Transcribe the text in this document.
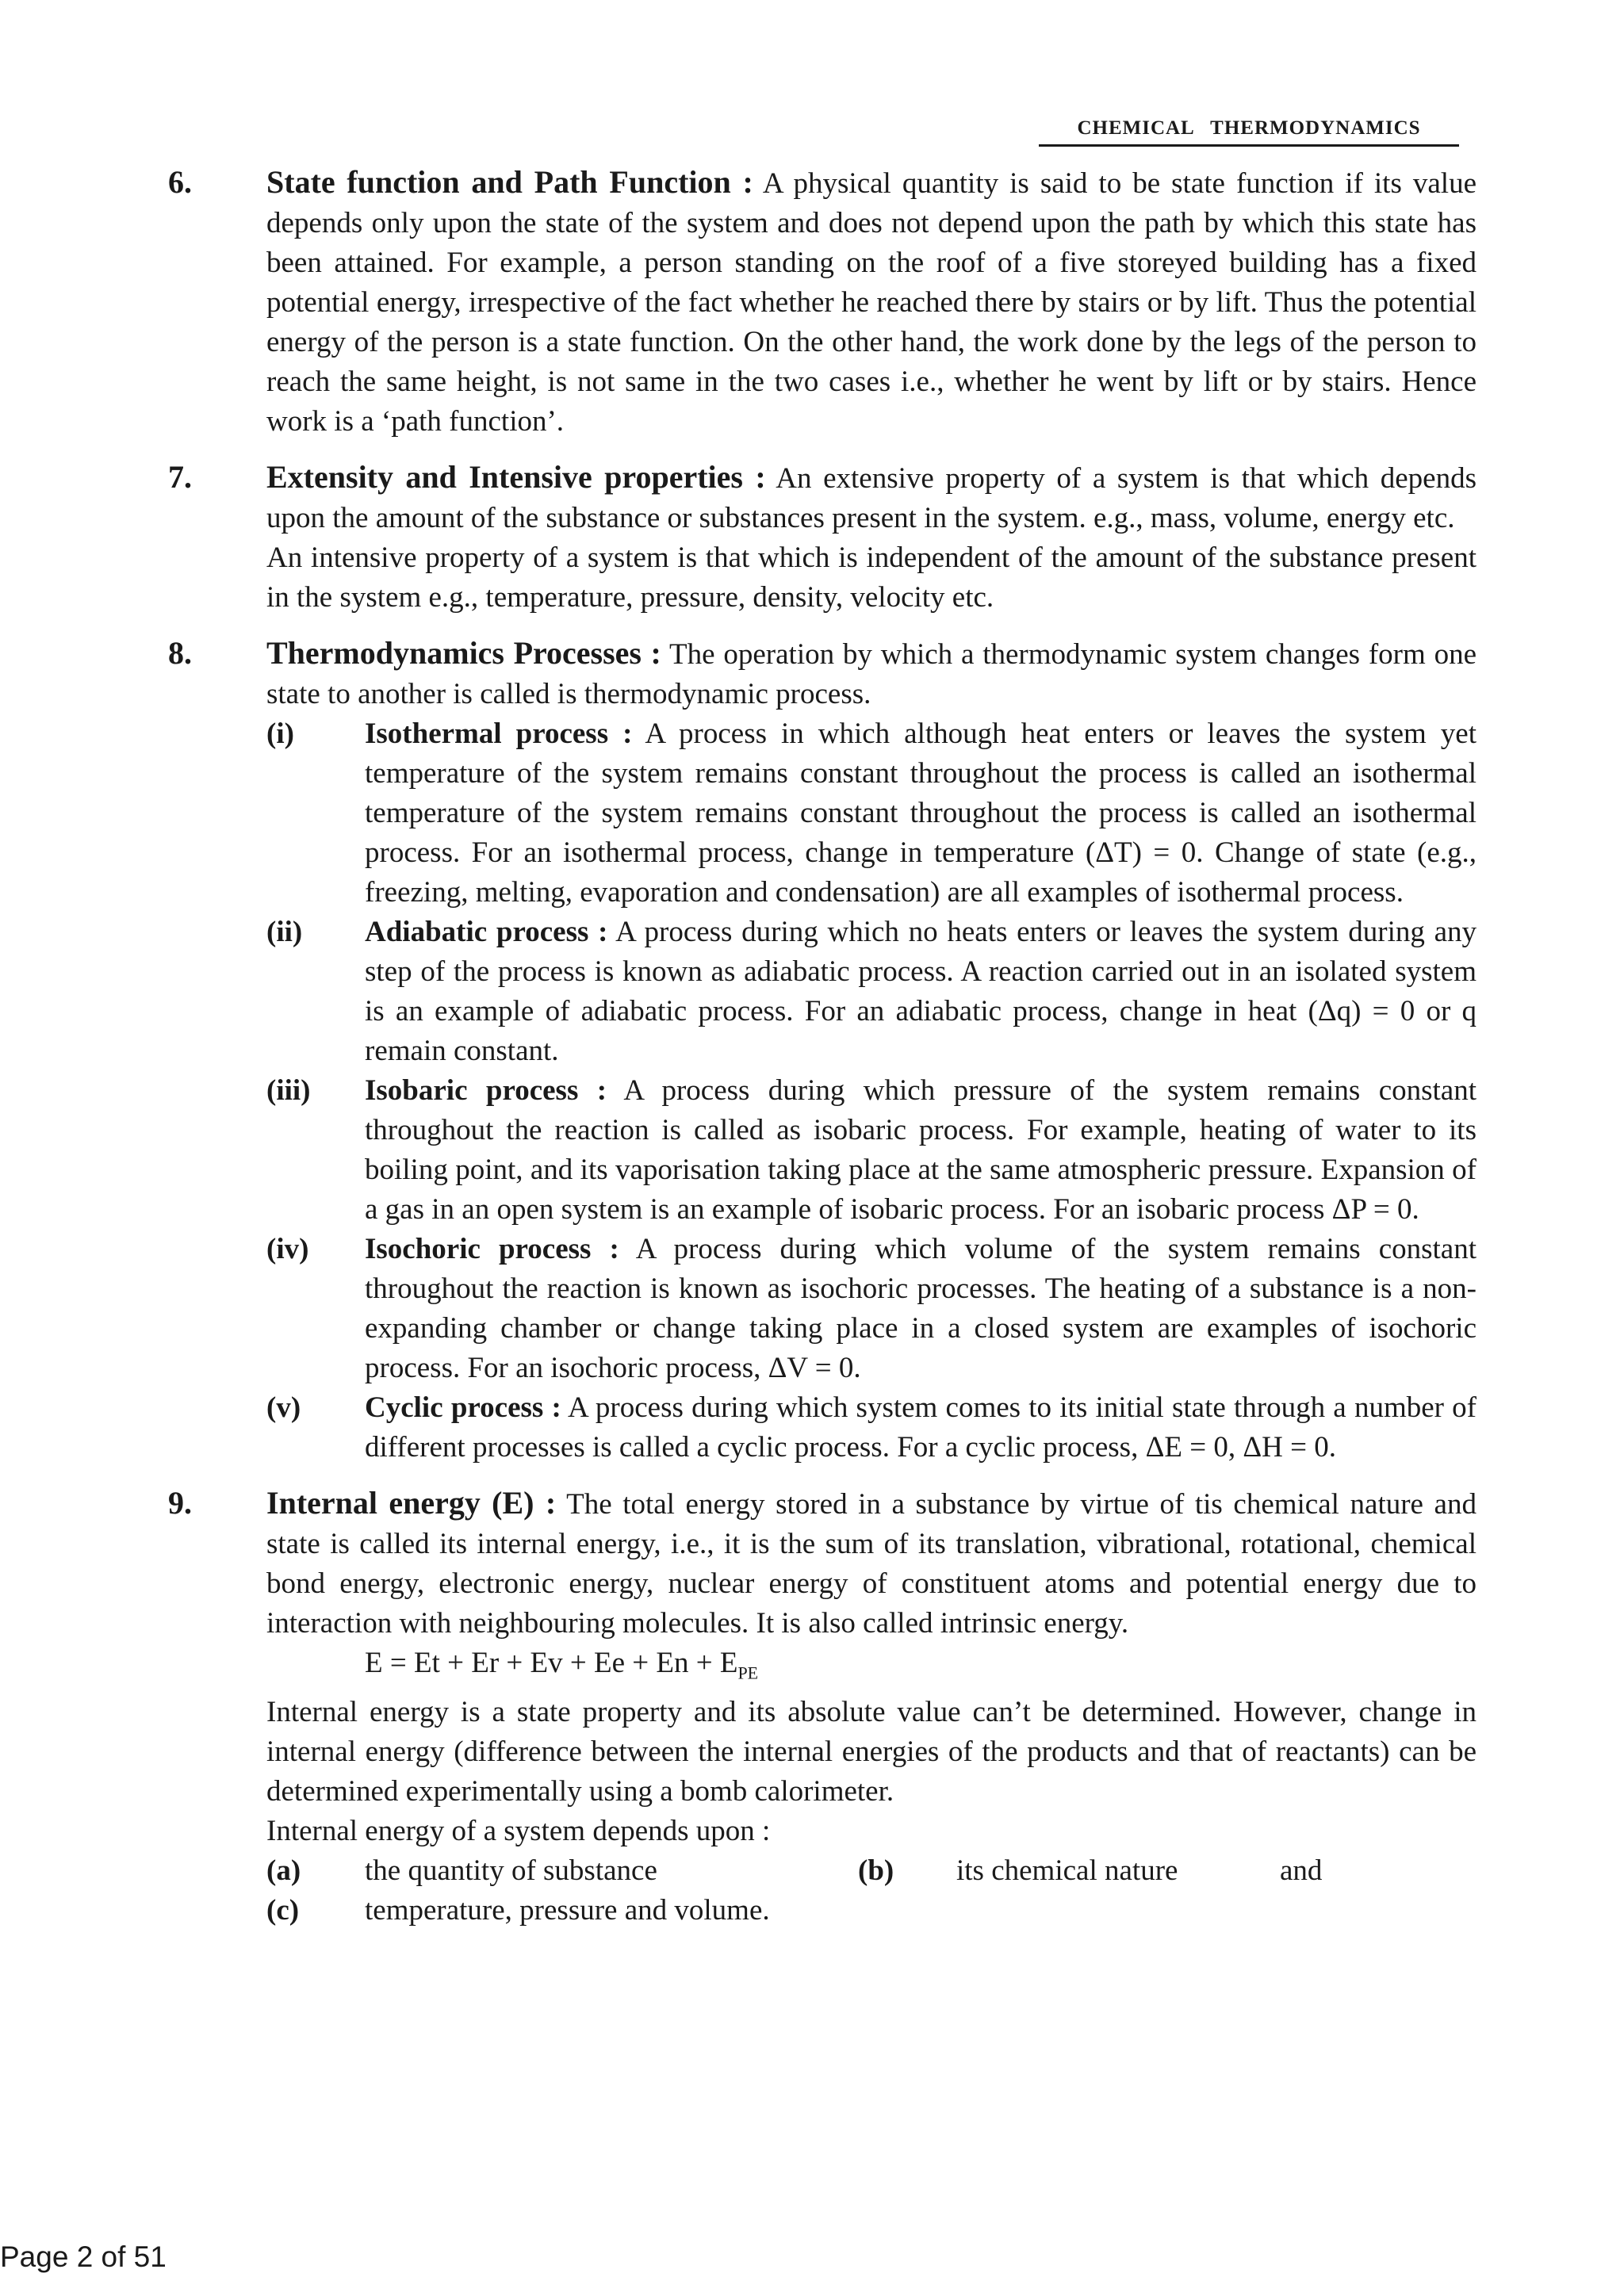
CHEMICAL THERMODYNAMICS
6. State function and Path Function : A physical quantity is said to be state function if its value depends only upon the state of the system and does not depend upon the path by which this state has been attained. For example, a person standing on the roof of a five storeyed building has a fixed potential energy, irrespective of the fact whether he reached there by stairs or by lift. Thus the potential energy of the person is a state function. On the other hand, the work done by the legs of the person to reach the same height, is not same in the two cases i.e., whether he went by lift or by stairs. Hence work is a ‘path function’.
7. Extensity and Intensive properties : An extensive property of a system is that which depends upon the amount of the substance or substances present in the system. e.g., mass, volume, energy etc.
An intensive property of a system is that which is independent of the amount of the substance present in the system e.g., temperature, pressure, density, velocity etc.
8. Thermodynamics Processes : The operation by which a thermodynamic system changes form one state to another is called is thermodynamic process.
(i) Isothermal process : A process in which although heat enters or leaves the system yet temperature of the system remains constant throughout the process is called an isothermal temperature of the system remains constant throughout the process is called an isothermal process. For an isothermal process, change in temperature (ΔT) = 0. Change of state (e.g., freezing, melting, evaporation and condensation) are all examples of isothermal process.
(ii) Adiabatic process : A process during which no heats enters or leaves the system during any step of the process is known as adiabatic process. A reaction carried out in an isolated system is an example of adiabatic process. For an adiabatic process, change in heat (Δq) = 0 or q remain constant.
(iii) Isobaric process : A process during which pressure of the system remains constant throughout the reaction is called as isobaric process. For example, heating of water to its boiling point, and its vaporisation taking place at the same atmospheric pressure. Expansion of a gas in an open system is an example of isobaric process. For an isobaric process ΔP = 0.
(iv) Isochoric process : A process during which volume of the system remains constant throughout the reaction is known as isochoric processes. The heating of a substance is a non-expanding chamber or change taking place in a closed system are examples of isochoric process. For an isochoric process, ΔV = 0.
(v) Cyclic process : A process during which system comes to its initial state through a number of different processes is called a cyclic process. For a cyclic process, ΔE = 0, ΔH = 0.
9. Internal energy (E) : The total energy stored in a substance by virtue of tis chemical nature and state is called its internal energy, i.e., it is the sum of its translation, vibrational, rotational, chemical bond energy, electronic energy, nuclear energy of constituent atoms and potential energy due to interaction with neighbouring molecules. It is also called intrinsic energy.
$E = Et + Er + Ev + Ee + En + E_{PE}$
Internal energy is a state property and its absolute value can’t be determined. However, change in internal energy (difference between the internal energies of the products and that of reactants) can be determined experimentally using a bomb calorimeter.
Internal energy of a system depends upon :
(a)	the quantity of substance	(b)	its chemical nature	and
(c)	temperature, pressure and volume.
Page 2 of 51
